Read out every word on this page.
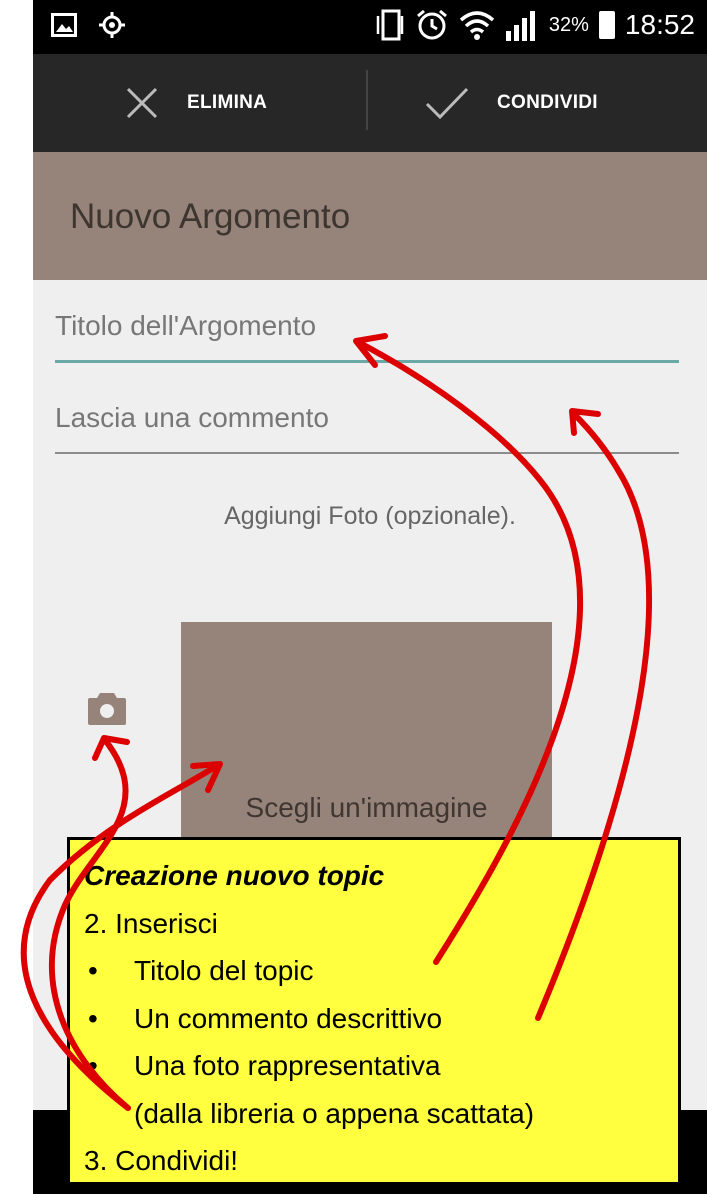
32% 18:52
ELIMINA	CONDIVIDI
Nuovo Argomento
Titolo dell'Argomento
Lascia una commento
Aggiungi Foto (opzionale).
Scegli un'immagine
Creazione nuovo topic
2. Inserisci
• Titolo del topic
• Un commento descrittivo
• Una foto rappresentativa
(dalla libreria o appena scattata)
3. Condividi!
